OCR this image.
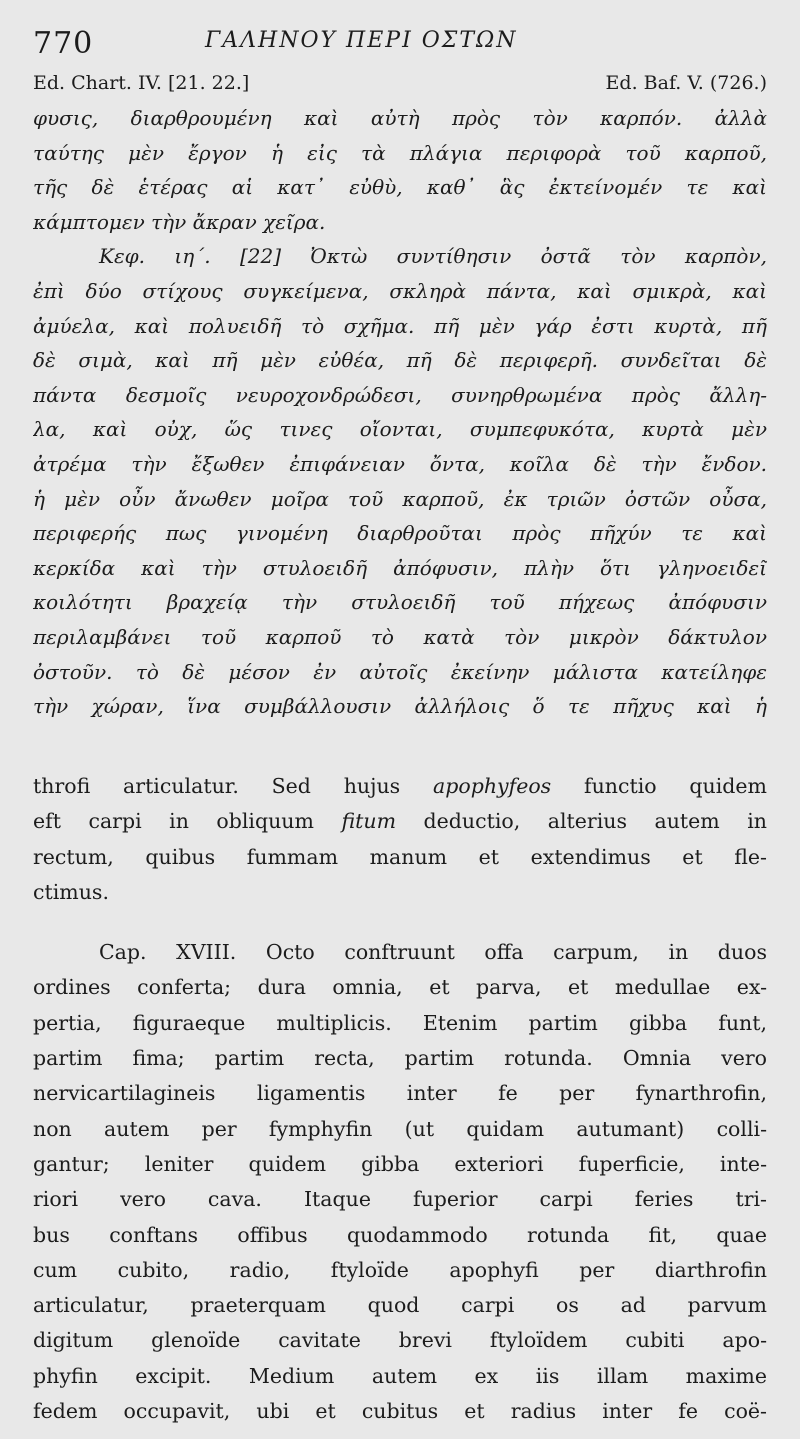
770	ΓΑΛΗΝΟΥ ΠΕΡΙ ΟΣΤΩΝ
Ed. Chart. IV. [21. 22.]	Ed. Baf. V. (726.)
φυσις, διαρθρουμένη καὶ αὐτὴ πρὸς τὸν καρπόν. ἀλλὰ
ταύτης μὲν ἔργον ἡ εἰς τὰ πλάγια περιφορὰ τοῦ καρποῦ,
τῆς δὲ ἑτέρας αἱ κατ᾿ εὐθὺ, καθ᾿ ἃς ἐκτείνομέν τε καὶ
κάμπτομεν τὴν ἄκραν χεῖρα.
Κεφ. ιη΄. [22] Ὀκτὼ συντίθησιν ὀστᾶ τὸν καρπὸν,
ἐπὶ δύο στίχους συγκείμενα, σκληρὰ πάντα, καὶ σμικρὰ, καὶ
ἀμύελα, καὶ πολυειδῆ τὸ σχῆμα. πῆ μὲν γάρ ἐστι κυρτὰ, πῆ
δὲ σιμὰ, καὶ πῆ μὲν εὐθέα, πῆ δὲ περιφερῆ. συνδεῖται δὲ
πάντα δεσμοῖς νευροχονδρώδεσι, συνηρθρωμένα πρὸς ἄλλη-
λα, καὶ οὐχ, ὥς τινες οἴονται, συμπεφυκότα, κυρτὰ μὲν
ἀτρέμα τὴν ἔξωθεν ἐπιφάνειαν ὄντα, κοῖλα δὲ τὴν ἔνδον.
ἡ μὲν οὖν ἄνωθεν μοῖρα τοῦ καρποῦ, ἐκ τριῶν ὀστῶν οὖσα,
περιφερής πως γινομένη διαρθροῦται πρὸς πῆχύν τε καὶ
κερκίδα καὶ τὴν στυλοειδῆ ἀπόφυσιν, πλὴν ὅτι γληνοειδεῖ
κοιλότητι βραχείᾳ τὴν στυλοειδῆ τοῦ πήχεως ἀπόφυσιν
περιλαμβάνει τοῦ καρποῦ τὸ κατὰ τὸν μικρὸν δάκτυλον
ὀστοῦν. τὸ δὲ μέσον ἐν αὐτοῖς ἐκείνην μάλιστα κατείληφε
τὴν χώραν, ἵνα συμβάλλουσιν ἀλλήλοις ὅ τε πῆχυς καὶ ἡ
throfi articulatur. Sed hujus apophyfeos functio quidem
eft carpi in obliquum fitum deductio, alterius autem in
rectum, quibus fummam manum et extendimus et fle-
ctimus.
Cap. XVIII. Octo conftruunt offa carpum, in duos
ordines conferta; dura omnia, et parva, et medullae ex-
pertia, figuraeque multiplicis. Etenim partim gibba funt,
partim fima; partim recta, partim rotunda. Omnia vero
nervicartilagineis ligamentis inter fe per fynarthrofin,
non autem per fymphyfin (ut quidam autumant) colli-
gantur; leniter quidem gibba exteriori fuperficie, inte-
riori vero cava. Itaque fuperior carpi feries tri-
bus conftans offibus quodammodo rotunda fit, quae
cum cubito, radio, ftyloïde apophyfi per diarthrofin
articulatur, praeterquam quod carpi os ad parvum
digitum glenoïde cavitate brevi ftyloïdem cubiti apo-
phyfin excipit. Medium autem ex iis illam maxime
fedem occupavit, ubi et cubitus et radius inter fe coë-
